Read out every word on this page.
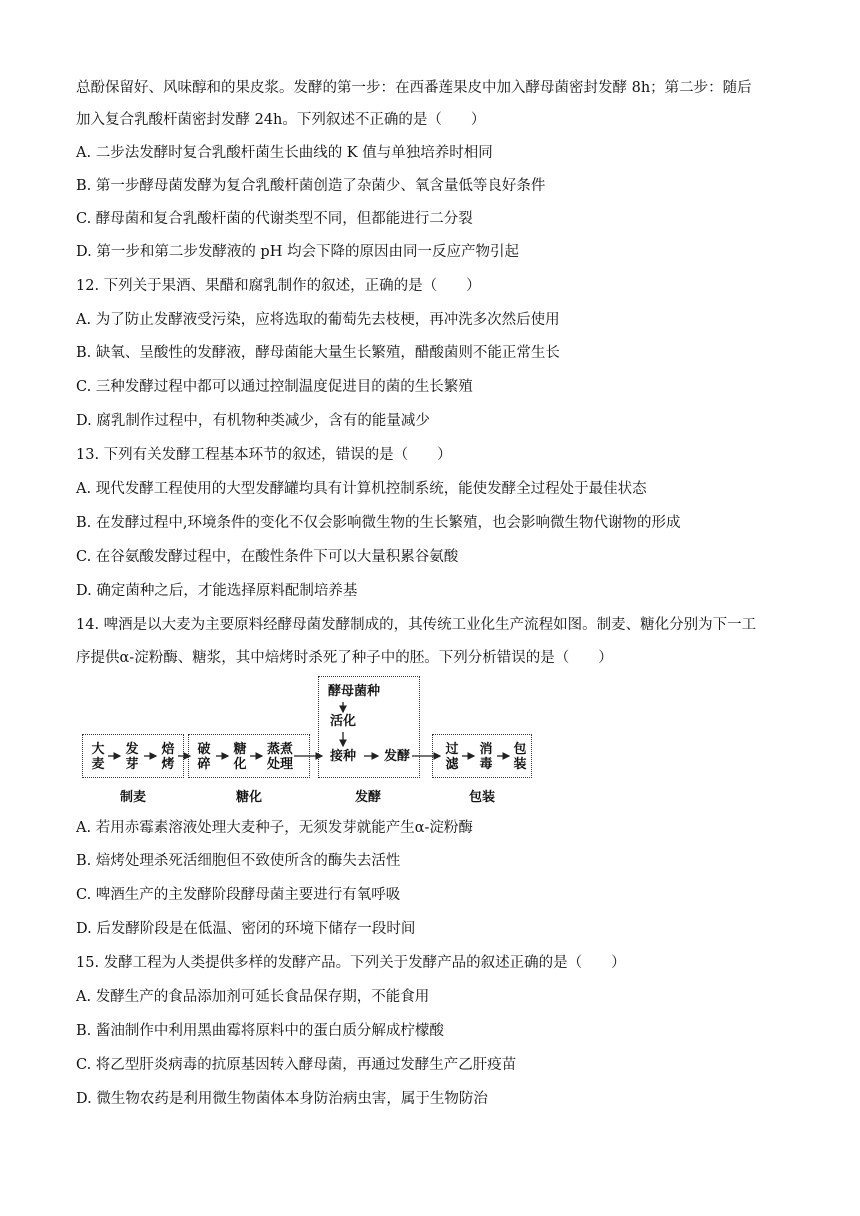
总酚保留好、风味醇和的果皮浆。发酵的第一步：在西番莲果皮中加入酵母菌密封发酵 8h；第二步：随后
加入复合乳酸杆菌密封发酵 24h。下列叙述不正确的是（　　）
A. 二步法发酵时复合乳酸杆菌生长曲线的 K 值与单独培养时相同
B. 第一步酵母菌发酵为复合乳酸杆菌创造了杂菌少、氧含量低等良好条件
C. 酵母菌和复合乳酸杆菌的代谢类型不同，但都能进行二分裂
D. 第一步和第二步发酵液的 pH 均会下降的原因由同一反应产物引起
12. 下列关于果酒、果醋和腐乳制作的叙述，正确的是（　　）
A. 为了防止发酵液受污染，应将选取的葡萄先去枝梗，再冲洗多次然后使用
B. 缺氧、呈酸性的发酵液，酵母菌能大量生长繁殖，醋酸菌则不能正常生长
C. 三种发酵过程中都可以通过控制温度促进目的菌的生长繁殖
D. 腐乳制作过程中，有机物种类减少，含有的能量减少
13. 下列有关发酵工程基本环节的叙述，错误的是（　　）
A. 现代发酵工程使用的大型发酵罐均具有计算机控制系统，能使发酵全过程处于最佳状态
B. 在发酵过程中,环境条件的变化不仅会影响微生物的生长繁殖，也会影响微生物代谢物的形成
C. 在谷氨酸发酵过程中，在酸性条件下可以大量积累谷氨酸
D. 确定菌种之后，才能选择原料配制培养基
14. 啤酒是以大麦为主要原料经酵母菌发酵制成的，其传统工业化生产流程如图。制麦、糖化分别为下一工
序提供α-淀粉酶、糖浆，其中焙烤时杀死了种子中的胚。下列分析错误的是（　　）
大麦
发芽
焙烤
制麦
破碎
糖化
蒸煮处理
糖化
酵母菌种
活化
接种	发酵
发酵
过滤
消毒
包装
包装
A. 若用赤霉素溶液处理大麦种子，无须发芽就能产生α-淀粉酶
B. 焙烤处理杀死活细胞但不致使所含的酶失去活性
C. 啤酒生产的主发酵阶段酵母菌主要进行有氧呼吸
D. 后发酵阶段是在低温、密闭的环境下储存一段时间
15. 发酵工程为人类提供多样的发酵产品。下列关于发酵产品的叙述正确的是（　　）
A. 发酵生产的食品添加剂可延长食品保存期，不能食用
B. 酱油制作中利用黑曲霉将原料中的蛋白质分解成柠檬酸
C. 将乙型肝炎病毒的抗原基因转入酵母菌，再通过发酵生产乙肝疫苗
D. 微生物农药是利用微生物菌体本身防治病虫害，属于生物防治
